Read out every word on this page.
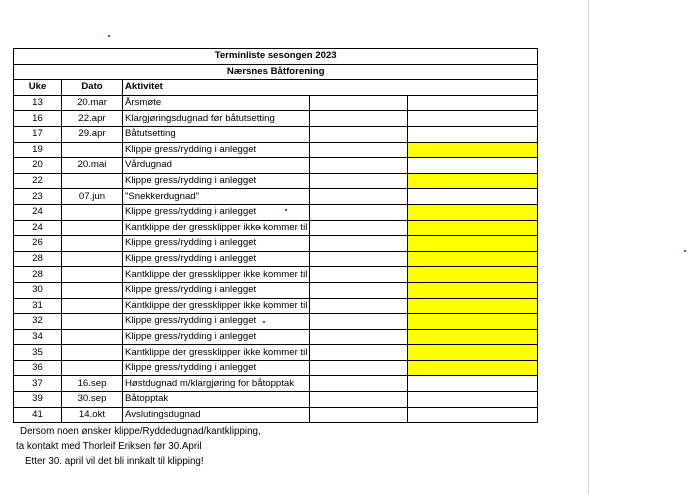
Terminliste sesongen 2023				
Nærsnes Båtforening				
Uke	Dato	Aktivitet		
13	20.mar	Årsmøte		
16	22.apr	Klargjøringsdugnad før båtutsetting		
17	29.apr	Båtutsetting		
19		Klippe gress/rydding i anlegget		
20	20.mai	Vårdugnad		
22		Klippe gress/rydding i anlegget		
23	07.jun	"Snekkerdugnad"		
24		Klippe gress/rydding i anlegget		
24		Kantklippe der gressklipper ikke kommer til		
26		Klippe gress/rydding i anlegget		
28		Klippe gress/rydding i anlegget		
28		Kantklippe der gressklipper ikke kommer til		
30		Klippe gress/rydding i anlegget		
31		Kantklippe der gressklipper ikke kommer til		
32		Klippe gress/rydding i anlegget		
34		Klippe gress/rydding i anlegget		
35		Kantklippe der gressklipper ikke kommer til		
36		Klippe gress/rydding i anlegget		
37	16.sep	Høstdugnad m/klargjøring for båtopptak		
39	30.sep	Båtopptak		
41	14.okt	Avslutingsdugnad		
Dersom noen ønsker klippe/Ryddedugnad/kantklipping,
ta kontakt med Thorleif Eriksen før 30.April
Etter 30. april vil det bli innkalt til klipping!
